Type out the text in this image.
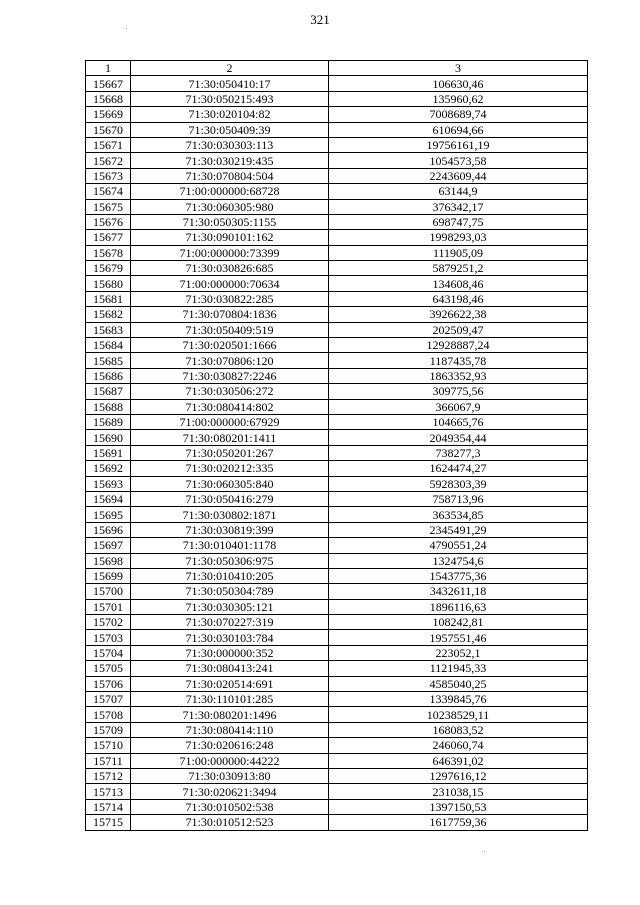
321
1	2	3
15667	71:30:050410:17	106630,46
15668	71:30:050215:493	135960,62
15669	71:30:020104:82	7008689,74
15670	71:30:050409:39	610694,66
15671	71:30:030303:113	19756161,19
15672	71:30:030219:435	1054573,58
15673	71:30:070804:504	2243609,44
15674	71:00:000000:68728	63144,9
15675	71:30:060305:980	376342,17
15676	71:30:050305:1155	698747,75
15677	71:30:090101:162	1998293,03
15678	71:00:000000:73399	111905,09
15679	71:30:030826:685	5879251,2
15680	71:00:000000:70634	134608,46
15681	71:30:030822:285	643198,46
15682	71:30:070804:1836	3926622,38
15683	71:30:050409:519	202509,47
15684	71:30:020501:1666	12928887,24
15685	71:30:070806:120	1187435,78
15686	71:30:030827:2246	1863352,93
15687	71:30:030506:272	309775,56
15688	71:30:080414:802	366067,9
15689	71:00:000000:67929	104665,76
15690	71:30:080201:1411	2049354,44
15691	71:30:050201:267	738277,3
15692	71:30:020212:335	1624474,27
15693	71:30:060305:840	5928303,39
15694	71:30:050416:279	758713,96
15695	71:30:030802:1871	363534,85
15696	71:30:030819:399	2345491,29
15697	71:30:010401:1178	4790551,24
15698	71:30:050306:975	1324754,6
15699	71:30:010410:205	1543775,36
15700	71:30:050304:789	3432611,18
15701	71:30:030305:121	1896116,63
15702	71:30:070227:319	108242,81
15703	71:30:030103:784	1957551,46
15704	71:30:000000:352	223052,1
15705	71:30:080413:241	1121945,33
15706	71:30:020514:691	4585040,25
15707	71:30:110101:285	1339845,76
15708	71:30:080201:1496	10238529,11
15709	71:30:080414:110	168083,52
15710	71:30:020616:248	246060,74
15711	71:00:000000:44222	646391,02
15712	71:30:030913:80	1297616,12
15713	71:30:020621:3494	231038,15
15714	71:30:010502:538	1397150,53
15715	71:30:010512:523	1617759,36
